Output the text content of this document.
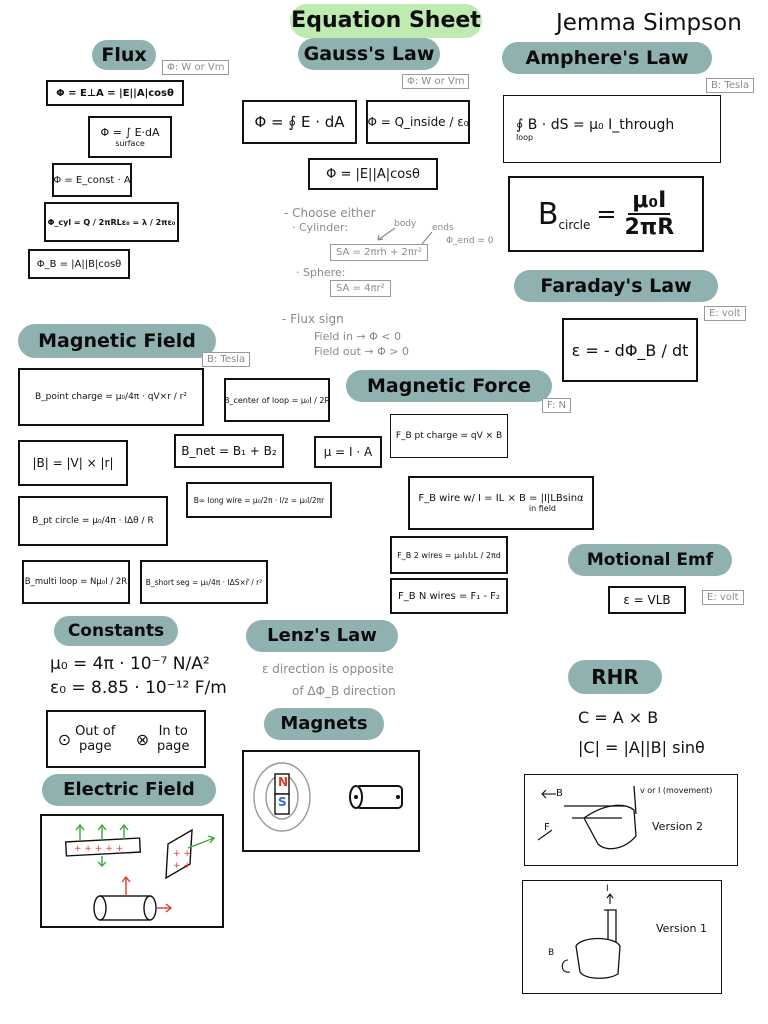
Equation Sheet	Jemma Simpson
Flux
Φ: W or Vm
Φ = E⊥A = |E||A|cosθ
Φ = ∫ E·dA
surface
Φ = E_const · A
Φ_cyl = Q / 2πRLε₀ = λ / 2πε₀
Φ_B = |A||B|cosθ
Gauss's Law
Φ: W or Vm
Φ = ∮ E · dA	Φ = Q_inside / ε₀
Φ = |E||A|cosθ
- Choose either
· Cylinder:	body ends
Φ_end = 0
SA = 2πrh + 2πr²
· Sphere:
SA = 4πr²
- Flux sign
Field in → Φ < 0
Field out → Φ > 0
Amphere's Law
B: Tesla
∮ B · dS = μ₀ I_through
loop
B circle = $\frac{\text{μ₀I}}{2\pi R}$
Faraday's Law
E: volt
ε = - dΦ_B / dt
Magnetic Field
B: Tesla
B_point charge = μ₀/4π · qV×r / r²	B_center of loop = μ₀I / 2R
|B| = |V| × |r|
B_net = B₁ + B₂
B∞ long wire = μ₀/2π · I/z = μ₀I/2πr
B_pt circle = μ₀/4π · IΔθ / R
B_multi loop = Nμ₀I / 2R	B_short seg = μ₀/4π · IΔS×r̂ / r²
Magnetic Force
F: N
F_B pt charge = qV × B
μ = I · A
F_B wire w/ I = IL × B = |I|LBsinα
in field
F_B 2 wires = μ₀I₁I₂L / 2πd
F_B N wires = F₁ - F₂
Motional Emf
ε = VLB	E: volt
Constants
μ₀ = 4π · 10⁻⁷ N/A²
ε₀ = 8.85 · 10⁻¹² F/m
⊙ Out of page ⊗ In to page
Lenz's Law
ε direction is opposite
of ΔΦ_B direction
Magnets
N
S
Electric Field
+ + + + +	+ +
+ +
RHR
C = A × B
|C| = |A||B| sinθ
B
F
v or I (movement)
Version 2
I
B
Version 1
